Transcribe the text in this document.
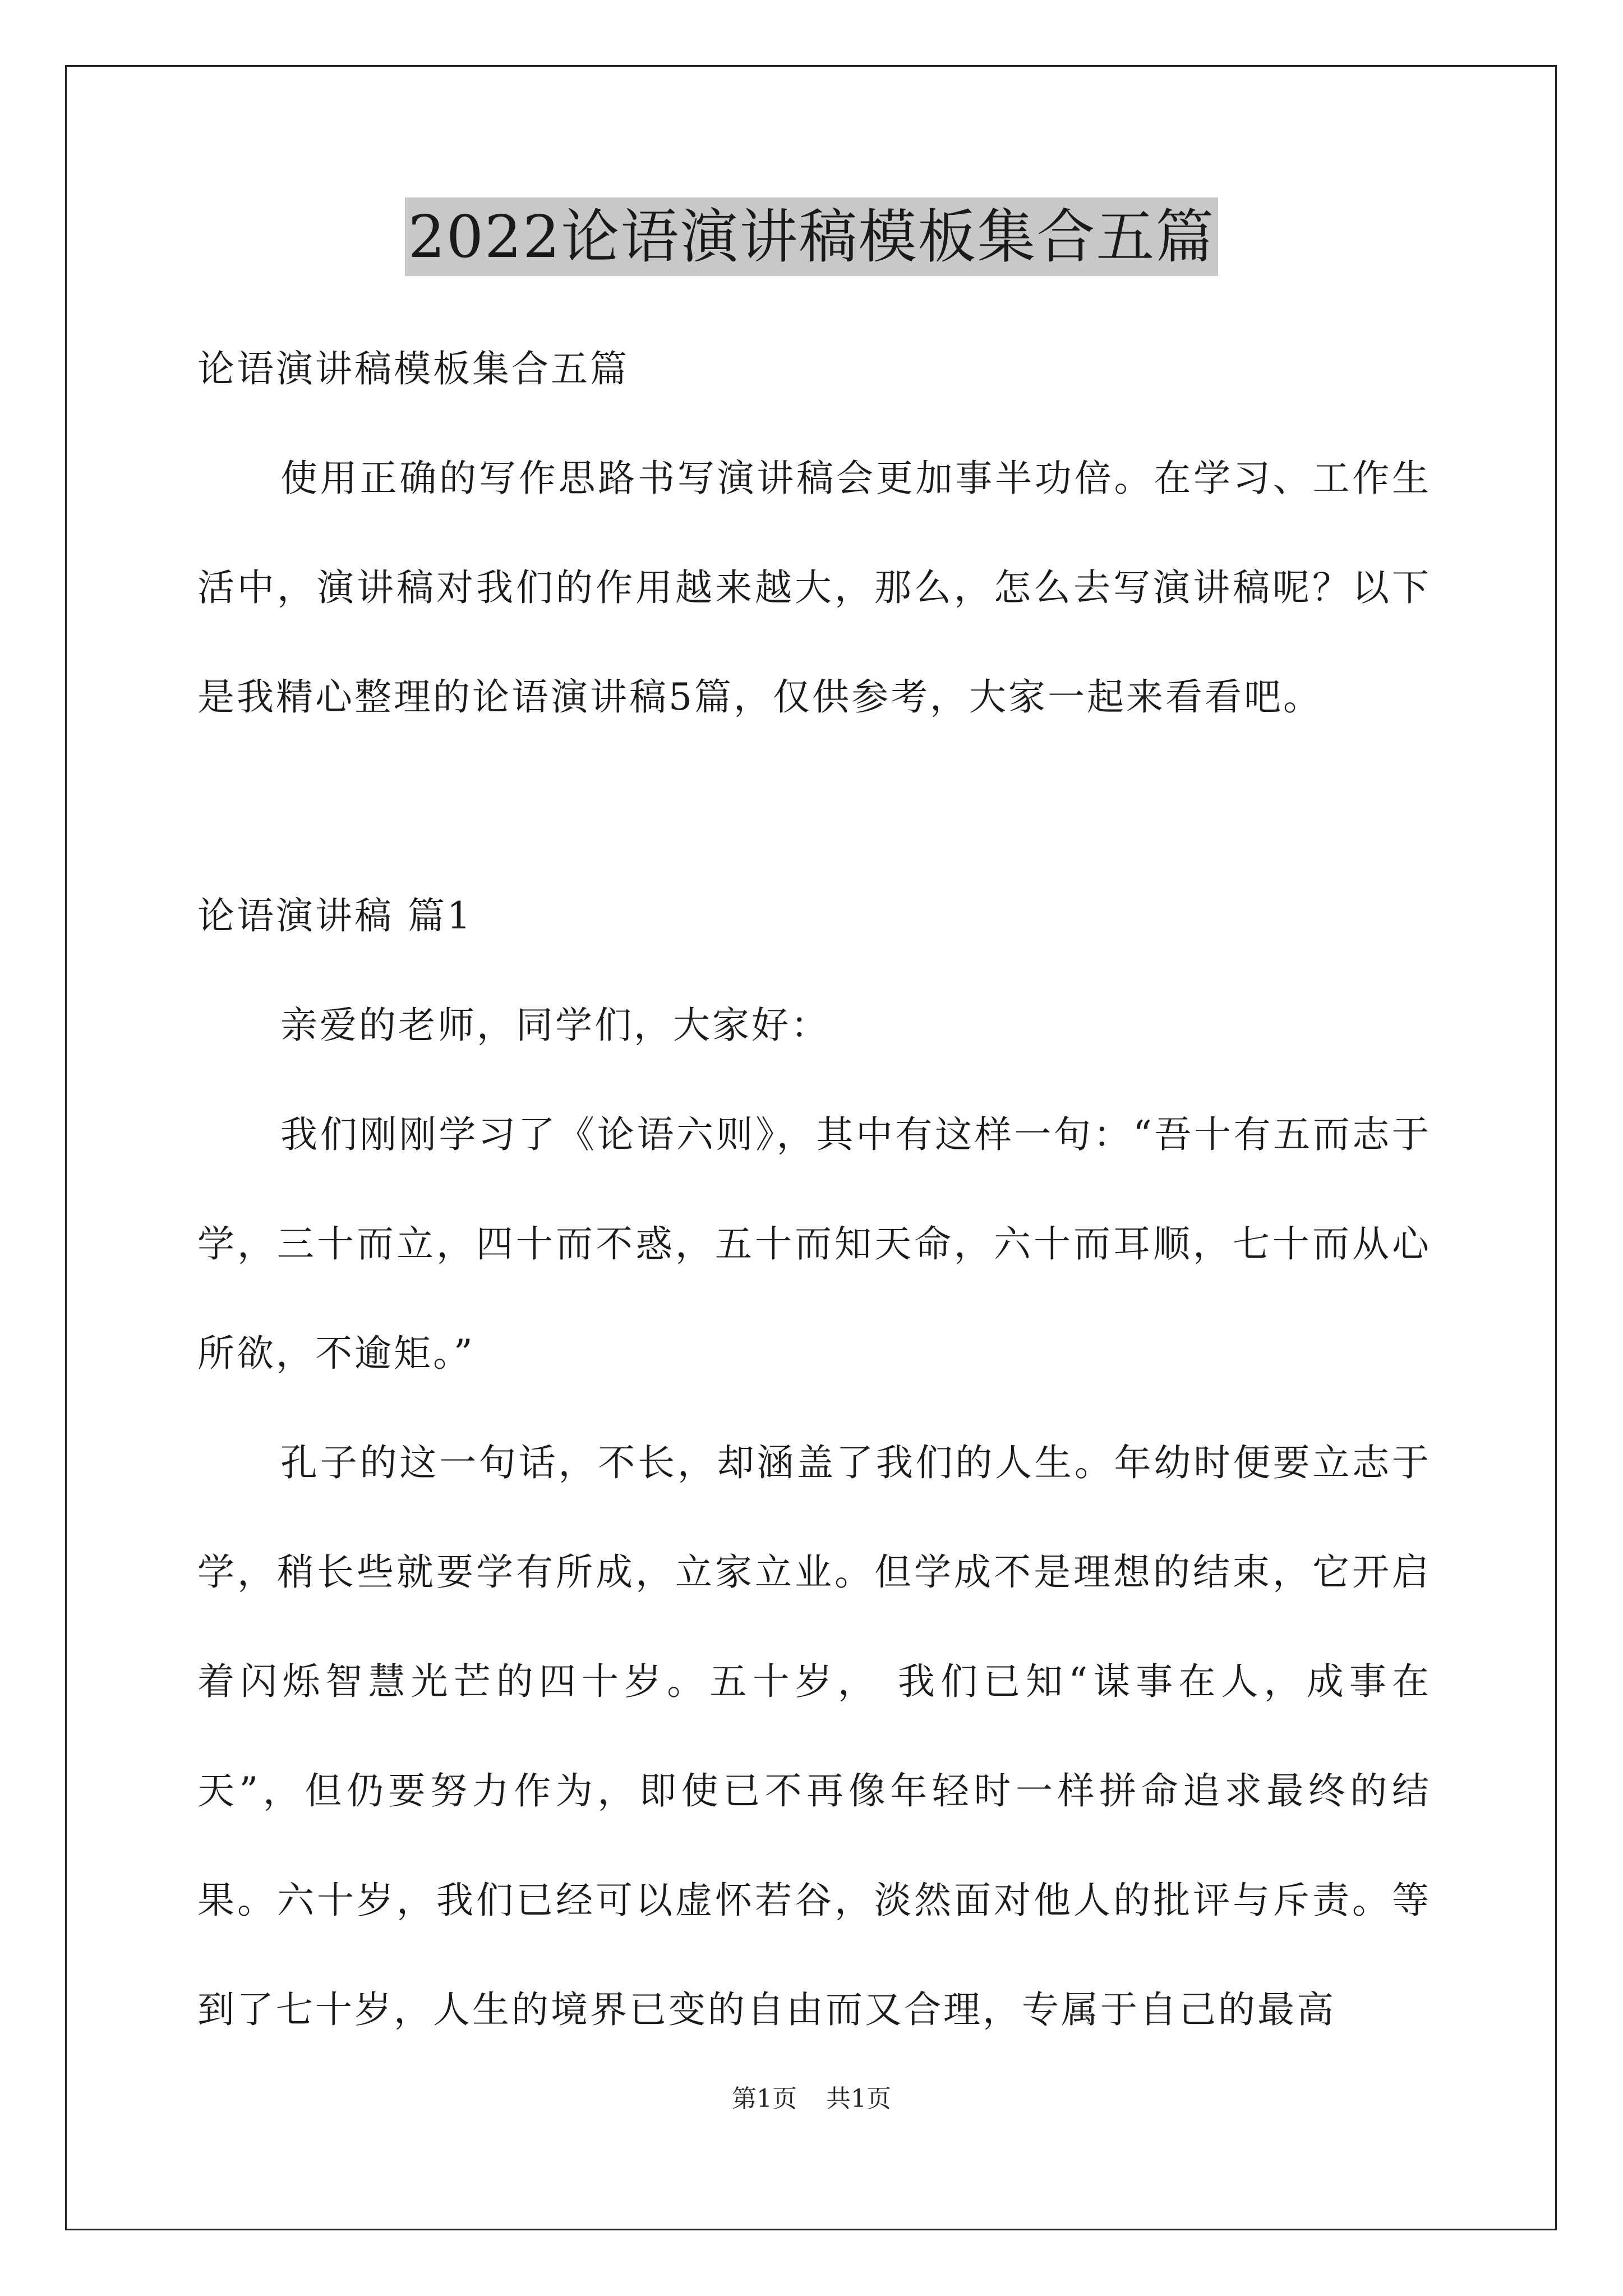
2022论语演讲稿模板集合五篇

论语演讲稿模板集合五篇

使用正确的写作思路书写演讲稿会更加事半功倍。在学习、工作生活中，演讲稿对我们的作用越来越大，那么，怎么去写演讲稿呢？以下是我精心整理的论语演讲稿5篇，仅供参考，大家一起来看看吧。

论语演讲稿 篇1

亲爱的老师，同学们，大家好：

我们刚刚学习了《论语六则》，其中有这样一句：“吾十有五而志于学，三十而立，四十而不惑，五十而知天命，六十而耳顺，七十而从心所欲，不逾矩。”

孔子的这一句话，不长，却涵盖了我们的人生。年幼时便要立志于学，稍长些就要学有所成，立家立业。但学成不是理想的结束，它开启着闪烁智慧光芒的四十岁。五十岁， 我们已知“谋事在人，成事在天”，但仍要努力作为，即使已不再像年轻时一样拼命追求最终的结果。六十岁，我们已经可以虚怀若谷，淡然面对他人的批评与斥责。等到了七十岁，人生的境界已变的自由而又合理，专属于自己的最高

第1页 共1页
